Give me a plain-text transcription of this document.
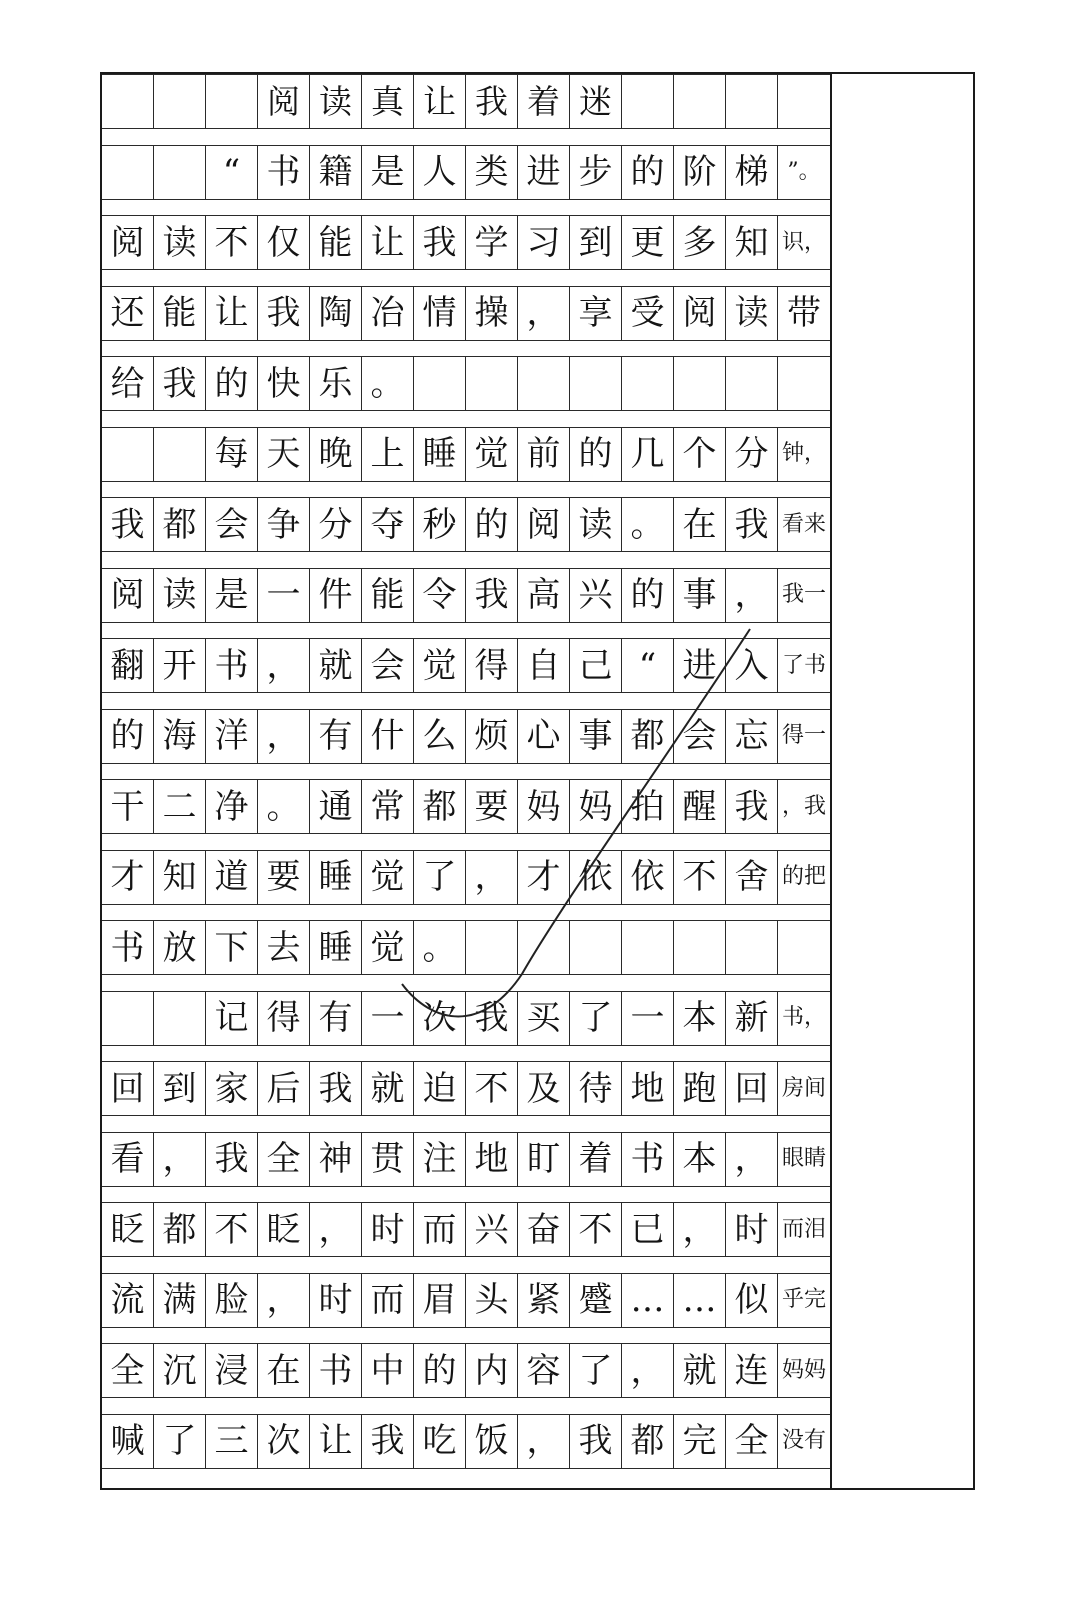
阅 读 真 让 我 着 迷
“ 书 籍 是 人 类 进 步 的 阶 梯 ”。
阅 读 不 仅 能 让 我 学 习 到 更 多 知 识，
还 能 让 我 陶 冶 情 操 ， 享 受 阅 读 带
给 我 的 快 乐 。
每 天 晚 上 睡 觉 前 的 几 个 分 钟，
我 都 会 争 分 夺 秒 的 阅 读 。 在 我 看来
阅 读 是 一 件 能 令 我 高 兴 的 事 ， 我一
翻 开 书 ， 就 会 觉 得 自 己 “ 进 入 了书
的 海 洋 ， 有 什 么 烦 心 事 都 会 忘 得一
干 二 净 。 通 常 都 要 妈 妈 拍 醒 我 ，我
才 知 道 要 睡 觉 了 ， 才 依 依 不 舍 的把
书 放 下 去 睡 觉 。
记 得 有 一 次 我 买 了 一 本 新 书，
回 到 家 后 我 就 迫 不 及 待 地 跑 回 房间
看 ， 我 全 神 贯 注 地 盯 着 书 本 ， 眼睛
眨 都 不 眨 ， 时 而 兴 奋 不 已 ， 时 而泪
流 满 脸 ， 时 而 眉 头 紧 蹙 … … 似 乎完
全 沉 浸 在 书 中 的 内 容 了 ， 就 连 妈妈
喊 了 三 次 让 我 吃 饭 ， 我 都 完 全 没有
